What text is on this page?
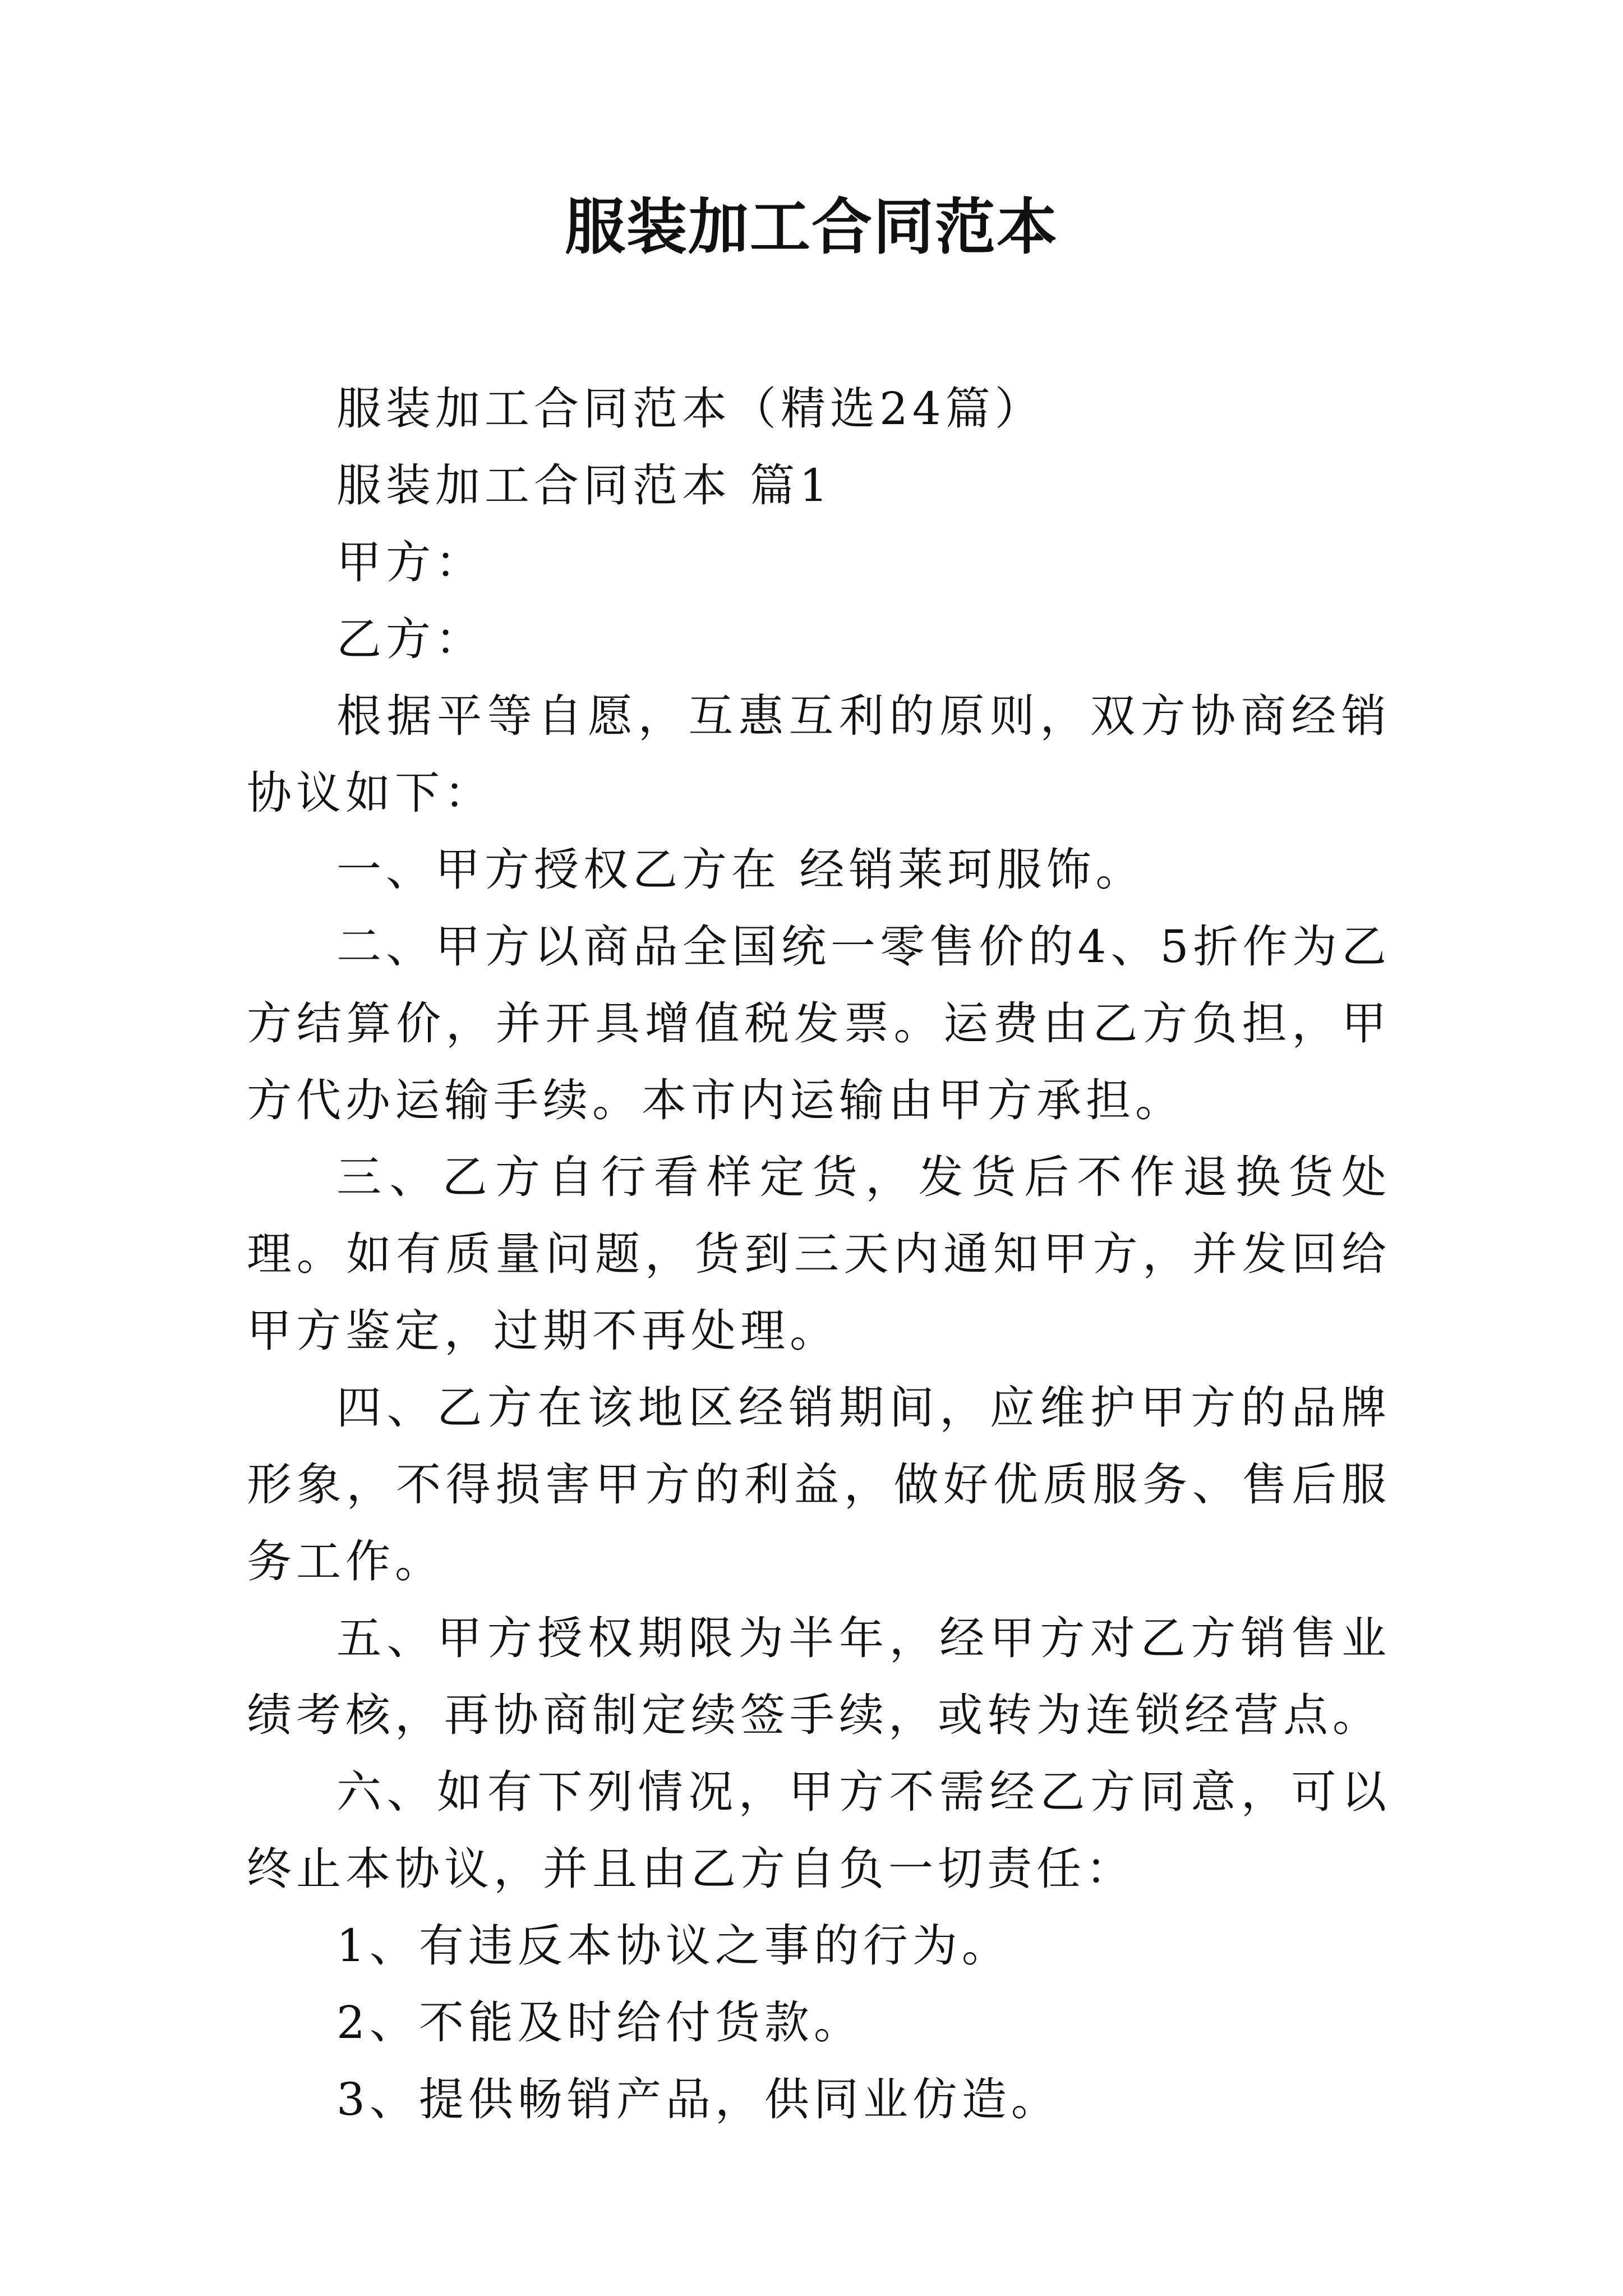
服装加工合同范本

服装加工合同范本（精选24篇）

服装加工合同范本 篇1

甲方：

乙方：

根据平等自愿，互惠互利的原则，双方协商经销协议如下：

一、甲方授权乙方在 经销莱珂服饰。

二、甲方以商品全国统一零售价的4、5折作为乙方结算价，并开具增值税发票。运费由乙方负担，甲方代办运输手续。本市内运输由甲方承担。

三、乙方自行看样定货，发货后不作退换货处理。如有质量问题，货到三天内通知甲方，并发回给甲方鉴定，过期不再处理。

四、乙方在该地区经销期间，应维护甲方的品牌形象，不得损害甲方的利益，做好优质服务、售后服务工作。

五、甲方授权期限为半年，经甲方对乙方销售业绩考核，再协商制定续签手续，或转为连锁经营点。

六、如有下列情况，甲方不需经乙方同意，可以终止本协议，并且由乙方自负一切责任：

1、有违反本协议之事的行为。

2、不能及时给付货款。

3、提供畅销产品，供同业仿造。
